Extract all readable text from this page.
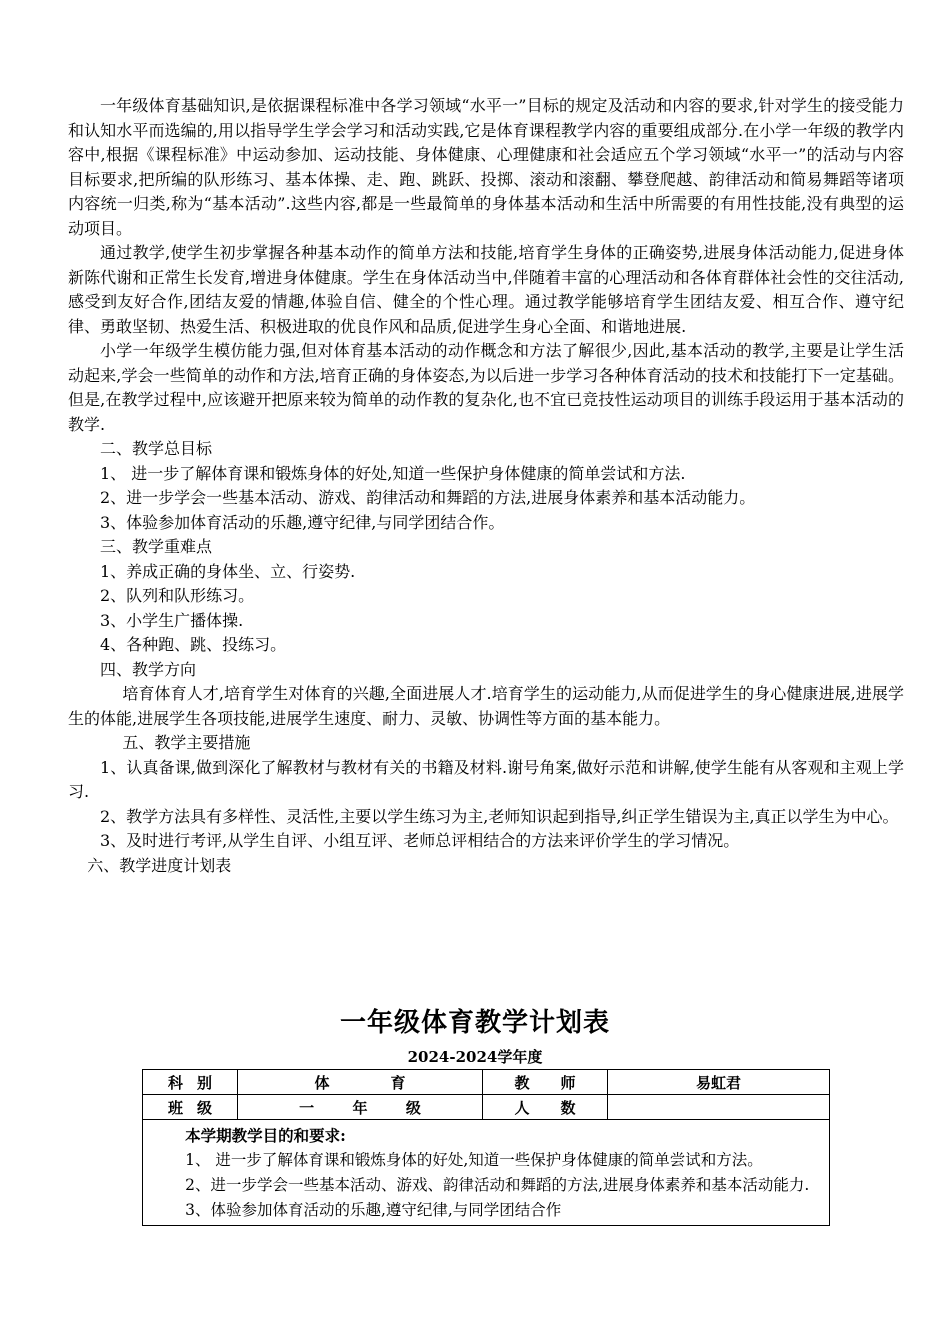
一年级体育基础知识,是依据课程标准中各学习领域“水平一”目标的规定及活动和内容的要求,针对学生的接受能力和认知水平而选编的,用以指导学生学会学习和活动实践,它是体育课程教学内容的重要组成部分.在小学一年级的教学内容中,根据《课程标准》中运动参加、运动技能、身体健康、心理健康和社会适应五个学习领域“水平一”的活动与内容目标要求,把所编的队形练习、基本体操、走、跑、跳跃、投掷、滚动和滚翻、攀登爬越、韵律活动和简易舞蹈等诸项内容统一归类,称为“基本活动”.这些内容,都是一些最简单的身体基本活动和生活中所需要的有用性技能,没有典型的运动项目。

通过教学,使学生初步掌握各种基本动作的简单方法和技能,培育学生身体的正确姿势,进展身体活动能力,促进身体新陈代谢和正常生长发育,增进身体健康。学生在身体活动当中,伴随着丰富的心理活动和各体育群体社会性的交往活动,感受到友好合作,团结友爱的情趣,体验自信、健全的个性心理。通过教学能够培育学生团结友爱、相互合作、遵守纪律、勇敢坚韧、热爱生活、积极进取的优良作风和品质,促进学生身心全面、和谐地进展.

小学一年级学生模仿能力强,但对体育基本活动的动作概念和方法了解很少,因此,基本活动的教学,主要是让学生活动起来,学会一些简单的动作和方法,培育正确的身体姿态,为以后进一步学习各种体育活动的技术和技能打下一定基础。但是,在教学过程中,应该避开把原来较为简单的动作教的复杂化,也不宜已竞技性运动项目的训练手段运用于基本活动的教学.

二、教学总目标
1、 进一步了解体育课和锻炼身体的好处,知道一些保护身体健康的简单尝试和方法.
2、进一步学会一些基本活动、游戏、韵律活动和舞蹈的方法,进展身体素养和基本活动能力。
3、体验参加体育活动的乐趣,遵守纪律,与同学团结合作。
三、教学重难点
1、养成正确的身体坐、立、行姿势.
2、队列和队形练习。
3、小学生广播体操.
4、各种跑、跳、投练习。
四、教学方向

培育体育人才,培育学生对体育的兴趣,全面进展人才.培育学生的运动能力,从而促进学生的身心健康进展,进展学生的体能,进展学生各项技能,进展学生速度、耐力、灵敏、协调性等方面的基本能力。

五、教学主要措施

1、认真备课,做到深化了解教材与教材有关的书籍及材料.谢号角案,做好示范和讲解,使学生能有从客观和主观上学习.

2、教学方法具有多样性、灵活性,主要以学生练习为主,老师知识起到指导,纠正学生错误为主,真正以学生为中心。

3、及时进行考评,从学生自评、小组互评、老师总评相结合的方法来评价学生的学习情况。

六、教学进度计划表
一年级体育教学计划表
2024-2024学年度
科 别	体 育	教 师	易虹君

班 级	一 年 级	人 数	

本学期教学目的和要求:

1、 进一步了解体育课和锻炼身体的好处,知道一些保护身体健康的简单尝试和方法。

2、进一步学会一些基本活动、游戏、韵律活动和舞蹈的方法,进展身体素养和基本活动能力.

3、体验参加体育活动的乐趣,遵守纪律,与同学团结合作			
